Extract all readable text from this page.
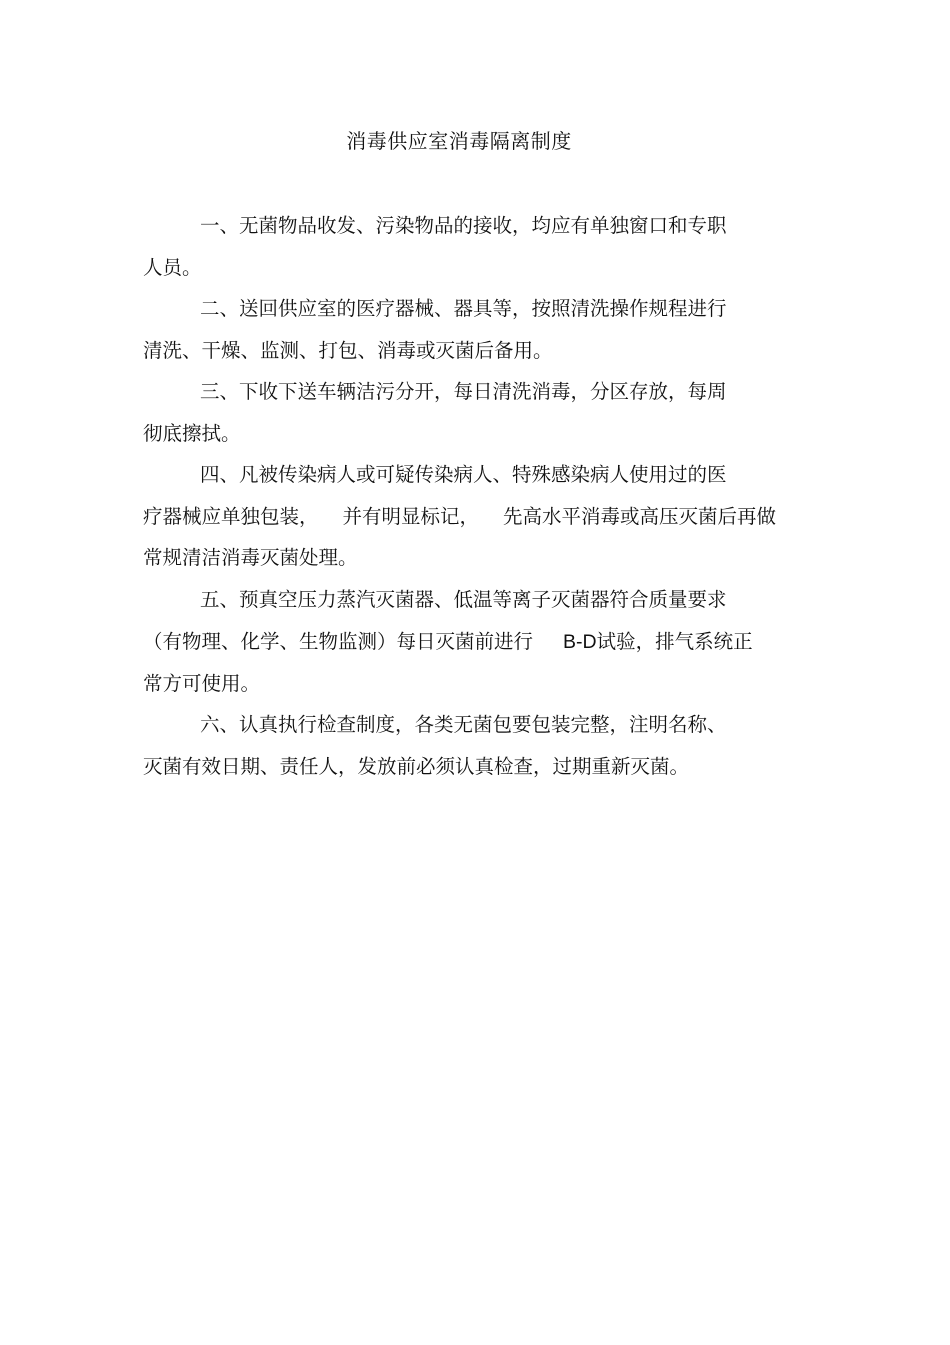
消毒供应室消毒隔离制度
一、无菌物品收发、污染物品的接收，均应有单独窗口和专职
人员。
二、送回供应室的医疗器械、器具等，按照清洗操作规程进行
清洗、干燥、监测、打包、消毒或灭菌后备用。
三、下收下送车辆洁污分开，每日清洗消毒，分区存放，每周
彻底擦拭。
四、凡被传染病人或可疑传染病人、特殊感染病人使用过的医
疗器械应单独包装， 并有明显标记， 先高水平消毒或高压灭菌后再做
常规清洁消毒灭菌处理。
五、预真空压力蒸汽灭菌器、低温等离子灭菌器符合质量要求
（有物理、化学、生物监测）每日灭菌前进行 B-D试验，排气系统正
常方可使用。
六、认真执行检查制度，各类无菌包要包装完整，注明名称、
灭菌有效日期、责任人，发放前必须认真检查，过期重新灭菌。
